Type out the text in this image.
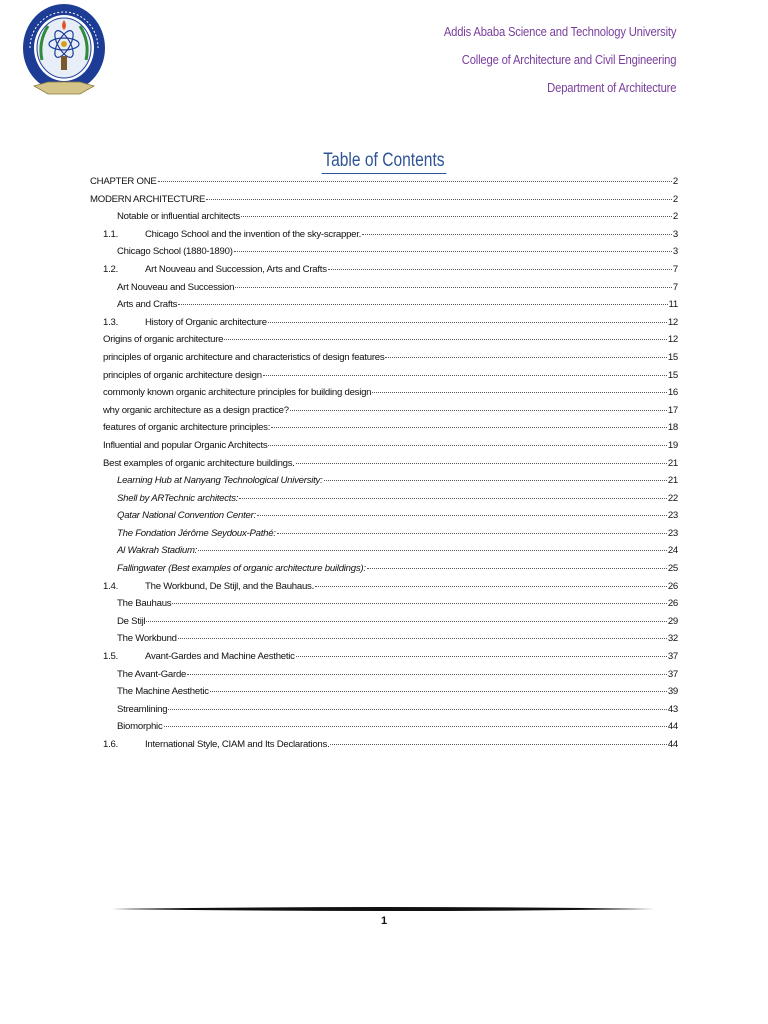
Addis Ababa Science and Technology University
College of Architecture and Civil Engineering
Department of Architecture
Table of Contents
CHAPTER ONE	2
MODERN ARCHITECTURE	2
Notable or influential architects	2
1.1.	Chicago School and the invention of the sky-scrapper.	3
Chicago School (1880-1890)	3
1.2.	Art Nouveau and Succession, Arts and Crafts	7
Art Nouveau and Succession	7
Arts and Crafts	11
1.3.	History of Organic architecture	12
Origins of organic architecture	12
principles of organic architecture and characteristics of design features	15
principles of organic architecture design	15
commonly known organic architecture principles for building design	16
why organic architecture as a design practice?	17
features of organic architecture principles:	18
Influential and popular Organic Architects	19
Best examples of organic architecture buildings.	21
Learning Hub at Nanyang Technological University:	21
Shell by ARTechnic architects:	22
Qatar National Convention Center:	23
The Fondation Jérôme Seydoux-Pathé:	23
Al Wakrah Stadium:	24
Fallingwater (Best examples of organic architecture buildings):	25
1.4.	The Workbund, De Stijl, and the Bauhaus.	26
The Bauhaus	26
De Stijl	29
The Workbund	32
1.5.	Avant-Gardes and Machine Aesthetic	37
The Avant-Garde	37
The Machine Aesthetic	39
Streamlining	43
Biomorphic	44
1.6.	International Style, CIAM and Its Declarations.	44
1
